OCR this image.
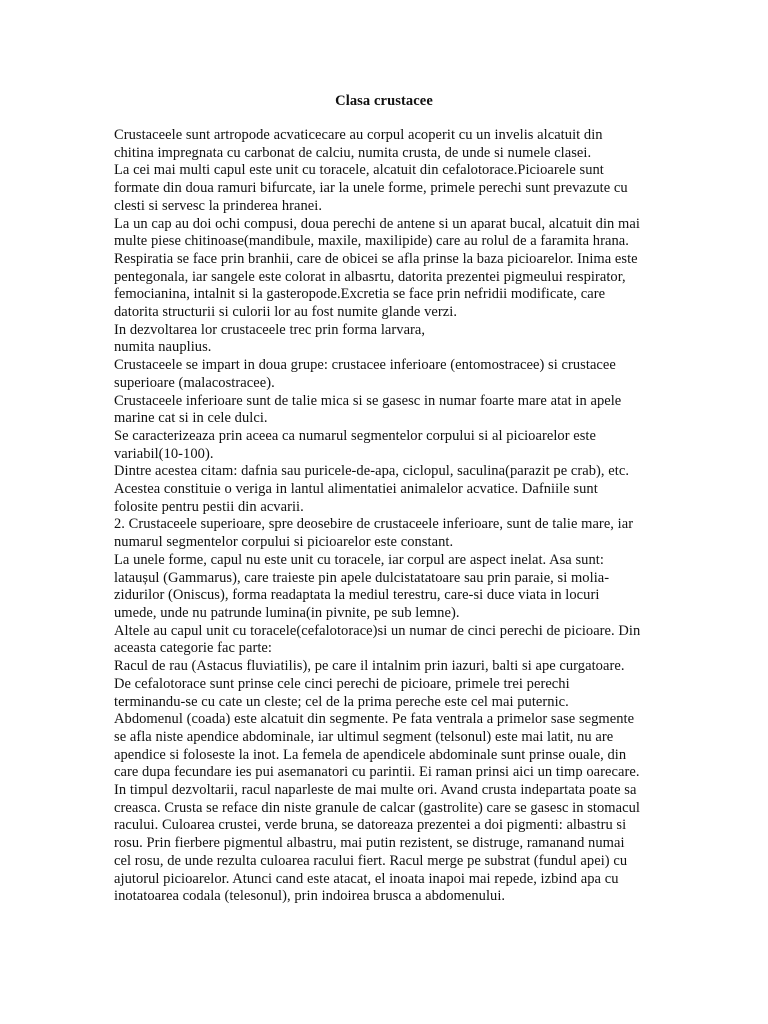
Clasa crustacee
Crustaceele sunt artropode acvaticecare au corpul acoperit cu un invelis alcatuit din
chitina impregnata cu carbonat de calciu, numita crusta, de unde si numele clasei.
La cei mai multi capul este unit cu toracele, alcatuit din cefalotorace.Picioarele sunt
formate din doua ramuri bifurcate, iar la unele forme, primele perechi sunt prevazute cu
clesti si servesc la prinderea hranei.
La un cap au doi ochi compusi, doua perechi de antene si un aparat bucal, alcatuit din mai
multe piese chitinoase(mandibule, maxile, maxilipide) care au rolul de a faramita hrana.
Respiratia se face prin branhii, care de obicei se afla prinse la baza picioarelor. Inima este
pentegonala, iar sangele este colorat in albasrtu, datorita prezentei pigmeului respirator,
femocianina, intalnit si la gasteropode.Excretia se face prin nefridii modificate, care
datorita structurii si culorii lor au fost numite glande verzi.
In dezvoltarea lor crustaceele trec prin forma larvara,
numita nauplius.
Crustaceele se impart in doua grupe: crustacee inferioare (entomostracee) si crustacee
superioare (malacostracee).
Crustaceele inferioare sunt de talie mica si se gasesc in numar foarte mare atat in apele
marine cat si in cele dulci.
Se caracterizeaza prin aceea ca numarul segmentelor corpului si al picioarelor este
variabil(10-100).
Dintre acestea citam: dafnia sau puricele-de-apa, ciclopul, saculina(parazit pe crab), etc.
Acestea constituie o veriga in lantul alimentatiei animalelor acvatice. Dafniile sunt
folosite pentru pestii din acvarii.
2. Crustaceele superioare, spre deosebire de crustaceele inferioare, sunt de talie mare, iar
numarul segmentelor corpului si picioarelor este constant.
La unele forme, capul nu este unit cu toracele, iar corpul are aspect inelat. Asa sunt:
lataușul (Gammarus), care traieste pin apele dulcistatatoare sau prin paraie, si molia-
zidurilor (Oniscus), forma readaptata la mediul terestru, care-si duce viata in locuri
umede, unde nu patrunde lumina(in pivnite, pe sub lemne).
Altele au capul unit cu toracele(cefalotorace)si un numar de cinci perechi de picioare. Din
aceasta categorie fac parte:
Racul de rau (Astacus fluviatilis), pe care il intalnim prin iazuri, balti si ape curgatoare.
De cefalotorace sunt prinse cele cinci perechi de picioare, primele trei perechi
terminandu-se cu cate un cleste; cel de la prima pereche este cel mai puternic.
Abdomenul (coada) este alcatuit din segmente. Pe fata ventrala a primelor sase segmente
se afla niste apendice abdominale, iar ultimul segment (telsonul) este mai latit, nu are
apendice si foloseste la inot. La femela de apendicele abdominale sunt prinse ouale, din
care dupa fecundare ies pui asemanatori cu parintii. Ei raman prinsi aici un timp oarecare.
In timpul dezvoltarii, racul naparleste de mai multe ori. Avand crusta indepartata poate sa
creasca. Crusta se reface din niste granule de calcar (gastrolite) care se gasesc in stomacul
racului. Culoarea crustei, verde bruna, se datoreaza prezentei a doi pigmenti: albastru si
rosu. Prin fierbere pigmentul albastru, mai putin rezistent, se distruge, ramanand numai
cel rosu, de unde rezulta culoarea racului fiert. Racul merge pe substrat (fundul apei) cu
ajutorul picioarelor. Atunci cand este atacat, el inoata inapoi mai repede, izbind apa cu
inotatoarea codala (telesonul), prin indoirea brusca a abdomenului.
